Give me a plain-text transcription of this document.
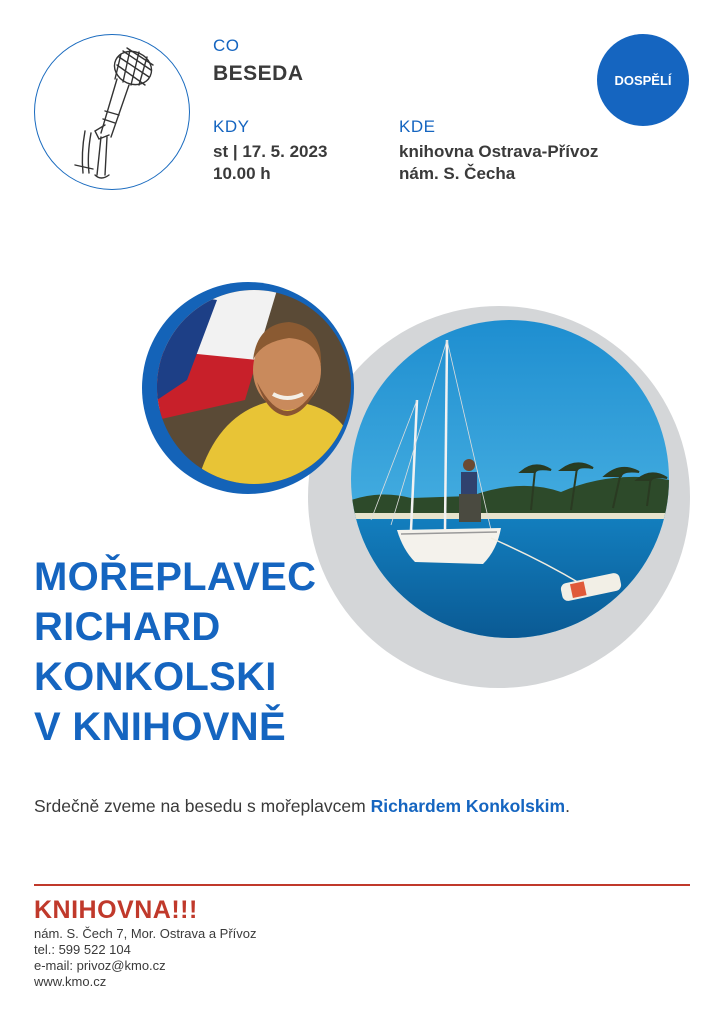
CO
BESEDA
KDY
st | 17. 5. 2023
10.00 h
KDE
knihovna Ostrava-Přívoz
nám. S. Čecha
DOSPĚLÍ
MOŘEPLAVEC
RICHARD
KONKOLSKI
V KNIHOVNĚ
Srdečně zveme na besedu s mořeplavcem Richardem Konkolskim.
KNIHOVNA!!!
nám. S. Čech 7, Mor. Ostrava a Přívoz
tel.: 599 522 104
e-mail: privoz@kmo.cz
www.kmo.cz
